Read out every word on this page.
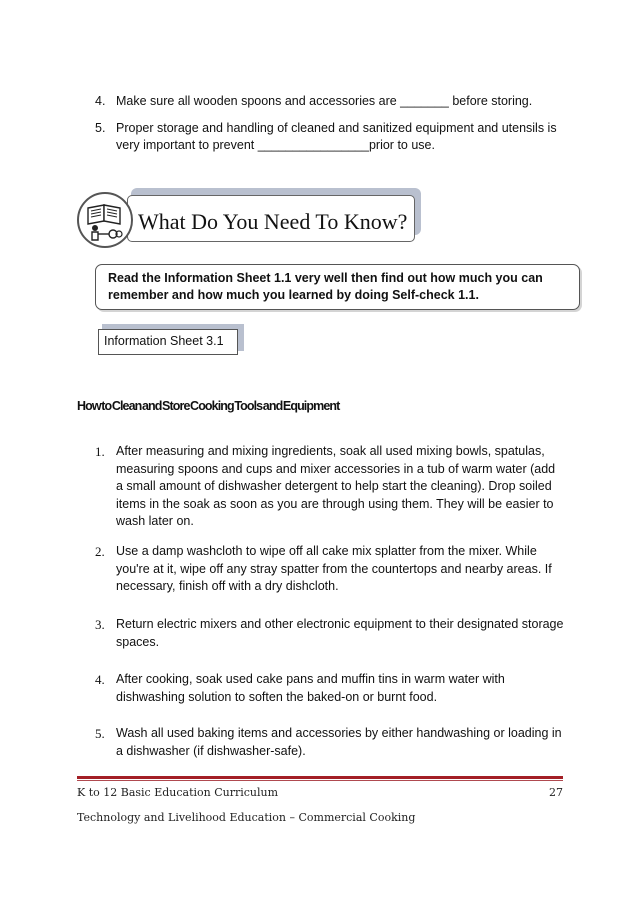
4. Make sure all wooden spoons and accessories are _______ before storing.
5. Proper storage and handling of cleaned and sanitized equipment and utensils is very important to prevent ________________prior to use.
What Do You Need To Know?
Read the Information Sheet 1.1 very well then find out how much you can remember and how much you learned by doing Self-check 1.1.
Information Sheet 3.1
How to Clean and Store Cooking Tools and Equipment
1. After measuring and mixing ingredients, soak all used mixing bowls, spatulas, measuring spoons and cups and mixer accessories in a tub of warm water (add a small amount of dishwasher detergent to help start the cleaning). Drop soiled items in the soak as soon as you are through using them. They will be easier to wash later on.
2. Use a damp washcloth to wipe off all cake mix splatter from the mixer. While you're at it, wipe off any stray spatter from the countertops and nearby areas. If necessary, finish off with a dry dishcloth.
3. Return electric mixers and other electronic equipment to their designated storage spaces.
4. After cooking, soak used cake pans and muffin tins in warm water with dishwashing solution to soften the baked-on or burnt food.
5. Wash all used baking items and accessories by either handwashing or loading in a dishwasher (if dishwasher-safe).
K to 12 Basic Education Curriculum	27
Technology and Livelihood Education – Commercial Cooking
